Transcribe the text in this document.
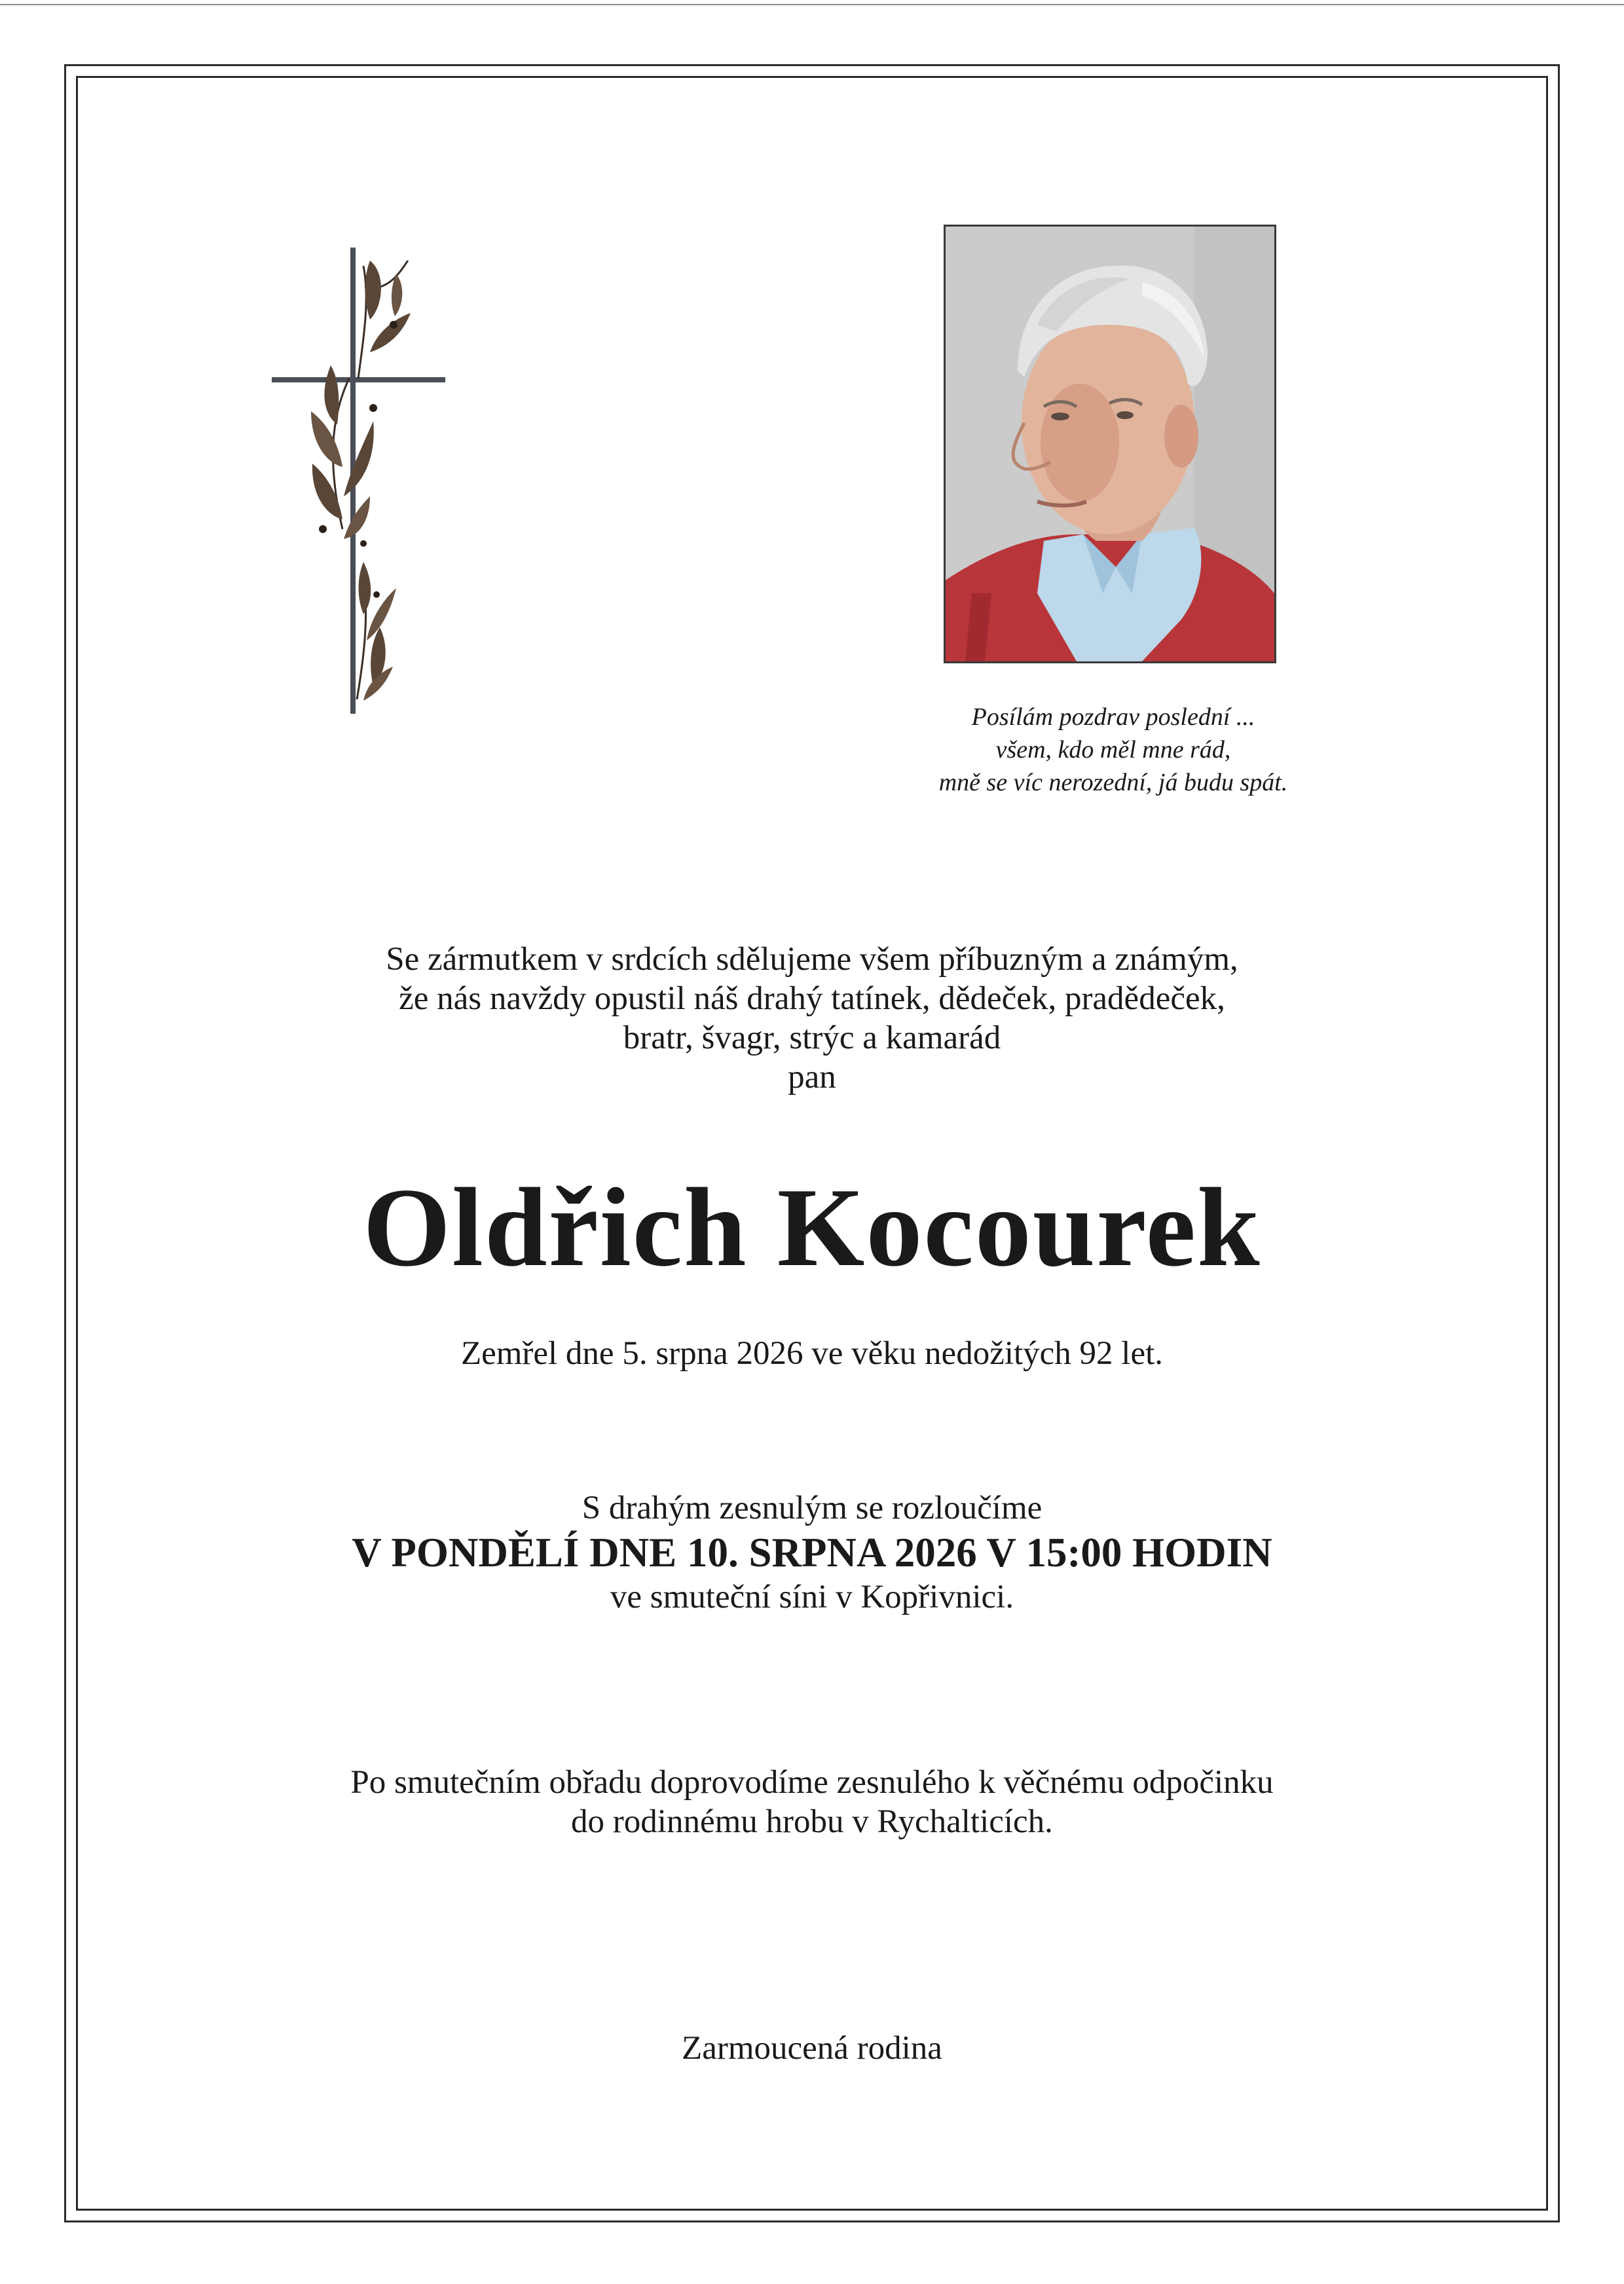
Posílám pozdrav poslední ...
všem, kdo měl mne rád,
mně se víc nerozední, já budu spát.
Se zármutkem v srdcích sdělujeme všem příbuzným a známým,
že nás navždy opustil náš drahý tatínek, dědeček, pradědeček,
bratr, švagr, strýc a kamarád
pan
Oldřich Kocourek
Zemřel dne 5. srpna 2026 ve věku nedožitých 92 let.
S drahým zesnulým se rozloučíme
V PONDĚLÍ DNE 10. SRPNA 2026 V 15:00 HODIN
ve smuteční síni v Kopřivnici.
Po smutečním obřadu doprovodíme zesnulého k věčnému odpočinku
do rodinnému hrobu v Rychalticích.
Zarmoucená rodina
